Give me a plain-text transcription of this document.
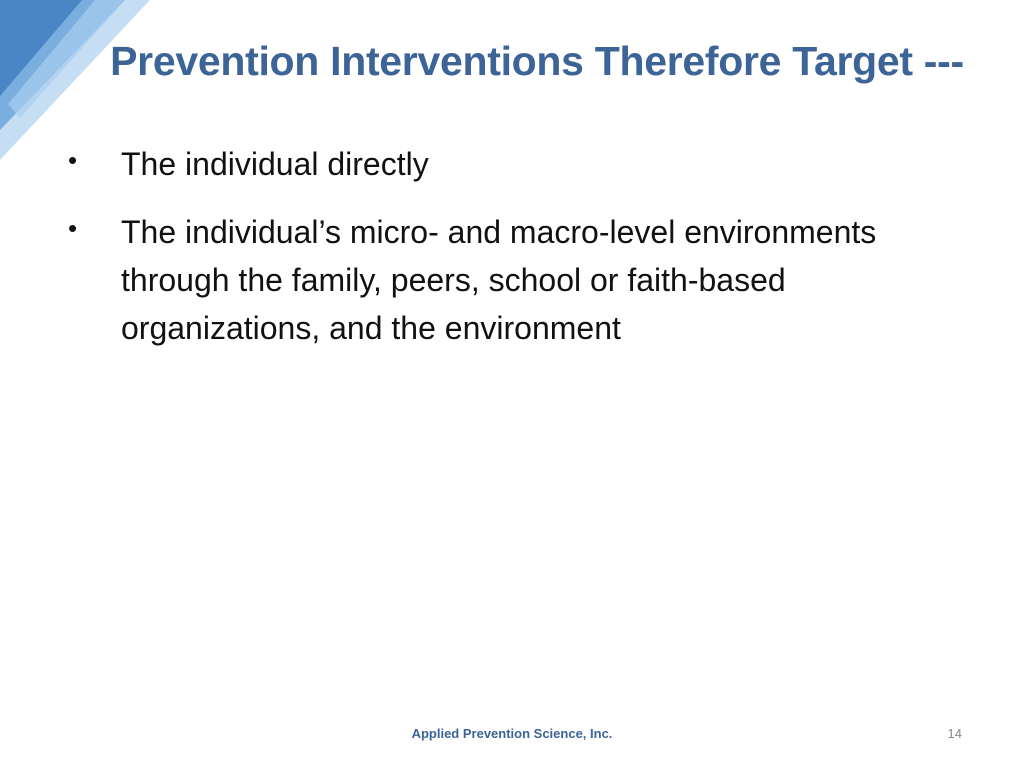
Prevention Interventions Therefore Target ---
•	The individual directly
•	The individual’s micro- and macro-level environments through the family, peers, school or faith-based organizations, and the environment
Applied Prevention Science, Inc.	14
